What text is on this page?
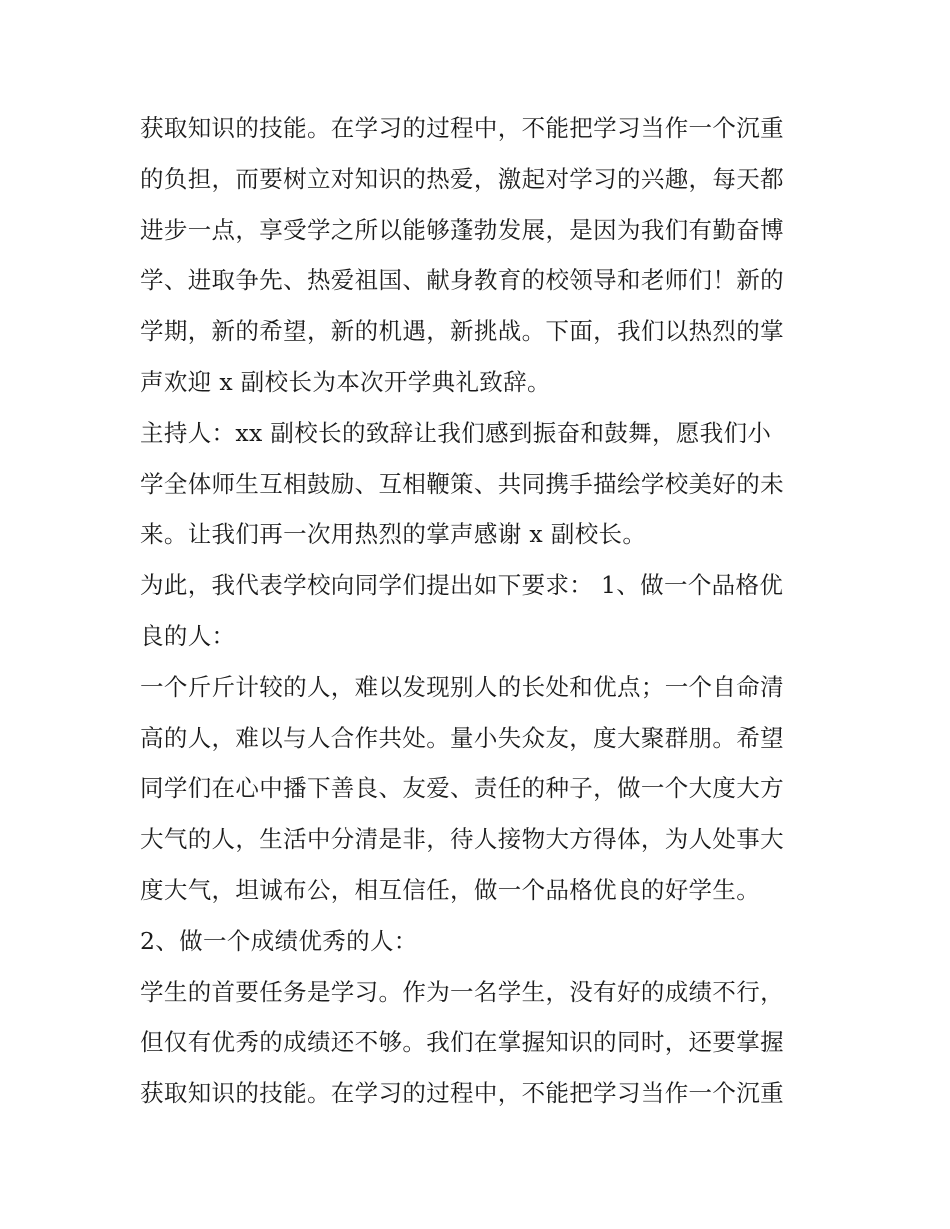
获取知识的技能。在学习的过程中，不能把学习当作一个沉重
的负担，而要树立对知识的热爱，激起对学习的兴趣，每天都
进步一点，享受学之所以能够蓬勃发展，是因为我们有勤奋博
学、进取争先、热爱祖国、献身教育的校领导和老师们！新的
学期，新的希望，新的机遇，新挑战。下面，我们以热烈的掌
声欢迎 x 副校长为本次开学典礼致辞。
主持人：xx 副校长的致辞让我们感到振奋和鼓舞，愿我们小
学全体师生互相鼓励、互相鞭策、共同携手描绘学校美好的未
来。让我们再一次用热烈的掌声感谢 x 副校长。
为此，我代表学校向同学们提出如下要求： 1、做一个品格优
良的人：
一个斤斤计较的人，难以发现别人的长处和优点；一个自命清
高的人，难以与人合作共处。量小失众友，度大聚群朋。希望
同学们在心中播下善良、友爱、责任的种子，做一个大度大方
大气的人，生活中分清是非，待人接物大方得体，为人处事大
度大气，坦诚布公，相互信任，做一个品格优良的好学生。
2、做一个成绩优秀的人：
学生的首要任务是学习。作为一名学生，没有好的成绩不行，
但仅有优秀的成绩还不够。我们在掌握知识的同时，还要掌握
获取知识的技能。在学习的过程中，不能把学习当作一个沉重
